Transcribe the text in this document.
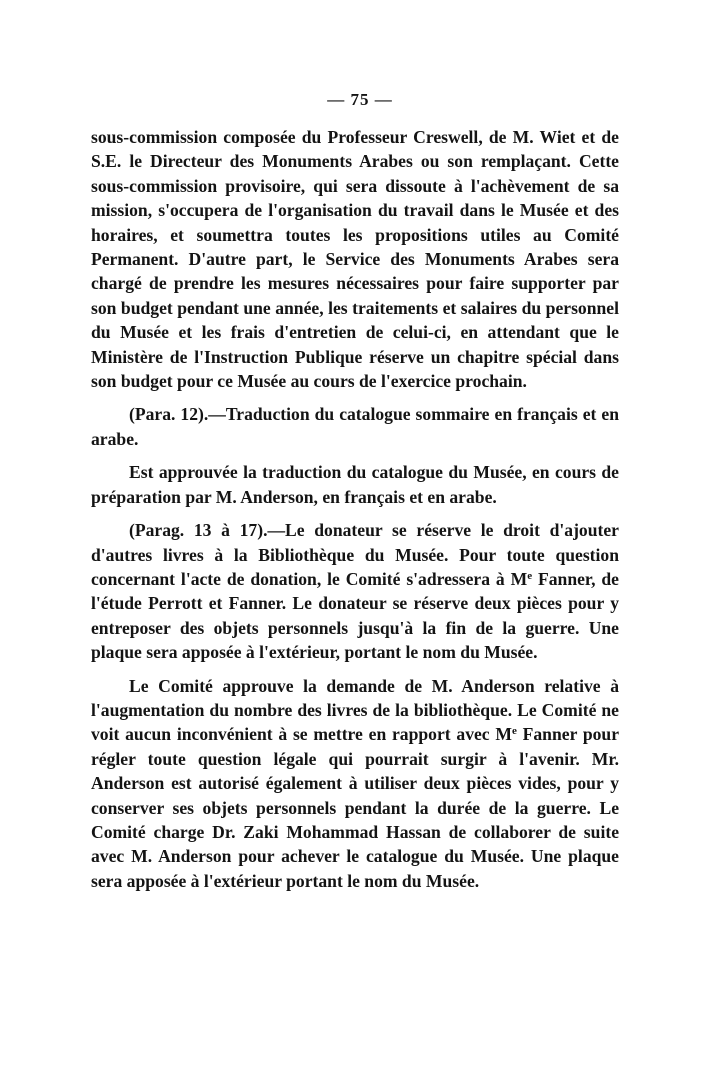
— 75 —

sous-commission composée du Professeur Creswell, de M. Wiet et de S.E. le Directeur des Monuments Arabes ou son remplaçant. Cette sous-commission provisoire, qui sera dissoute à l'achèvement de sa mission, s'occupera de l'organisation du travail dans le Musée et des horaires, et soumettra toutes les propositions utiles au Comité Permanent. D'autre part, le Service des Monuments Arabes sera chargé de prendre les mesures nécessaires pour faire supporter par son budget pendant une année, les traitements et salaires du personnel du Musée et les frais d'entretien de celui-ci, en attendant que le Ministère de l'Instruction Publique réserve un chapitre spécial dans son budget pour ce Musée au cours de l'exercice prochain.

(Para. 12).—Traduction du catalogue sommaire en français et en arabe.

Est approuvée la traduction du catalogue du Musée, en cours de préparation par M. Anderson, en français et en arabe.

(Parag. 13 à 17).—Le donateur se réserve le droit d'ajouter d'autres livres à la Bibliothèque du Musée. Pour toute question concernant l'acte de donation, le Comité s'adressera à Me Fanner, de l'étude Perrott et Fanner. Le donateur se réserve deux pièces pour y entreposer des objets personnels jusqu'à la fin de la guerre. Une plaque sera apposée à l'extérieur, portant le nom du Musée.

Le Comité approuve la demande de M. Anderson relative à l'augmentation du nombre des livres de la bibliothèque. Le Comité ne voit aucun inconvénient à se mettre en rapport avec Me Fanner pour régler toute question légale qui pourrait surgir à l'avenir. Mr. Anderson est autorisé également à utiliser deux pièces vides, pour y conserver ses objets personnels pendant la durée de la guerre. Le Comité charge Dr. Zaki Mohammad Hassan de collaborer de suite avec M. Anderson pour achever le catalogue du Musée. Une plaque sera apposée à l'extérieur portant le nom du Musée.
